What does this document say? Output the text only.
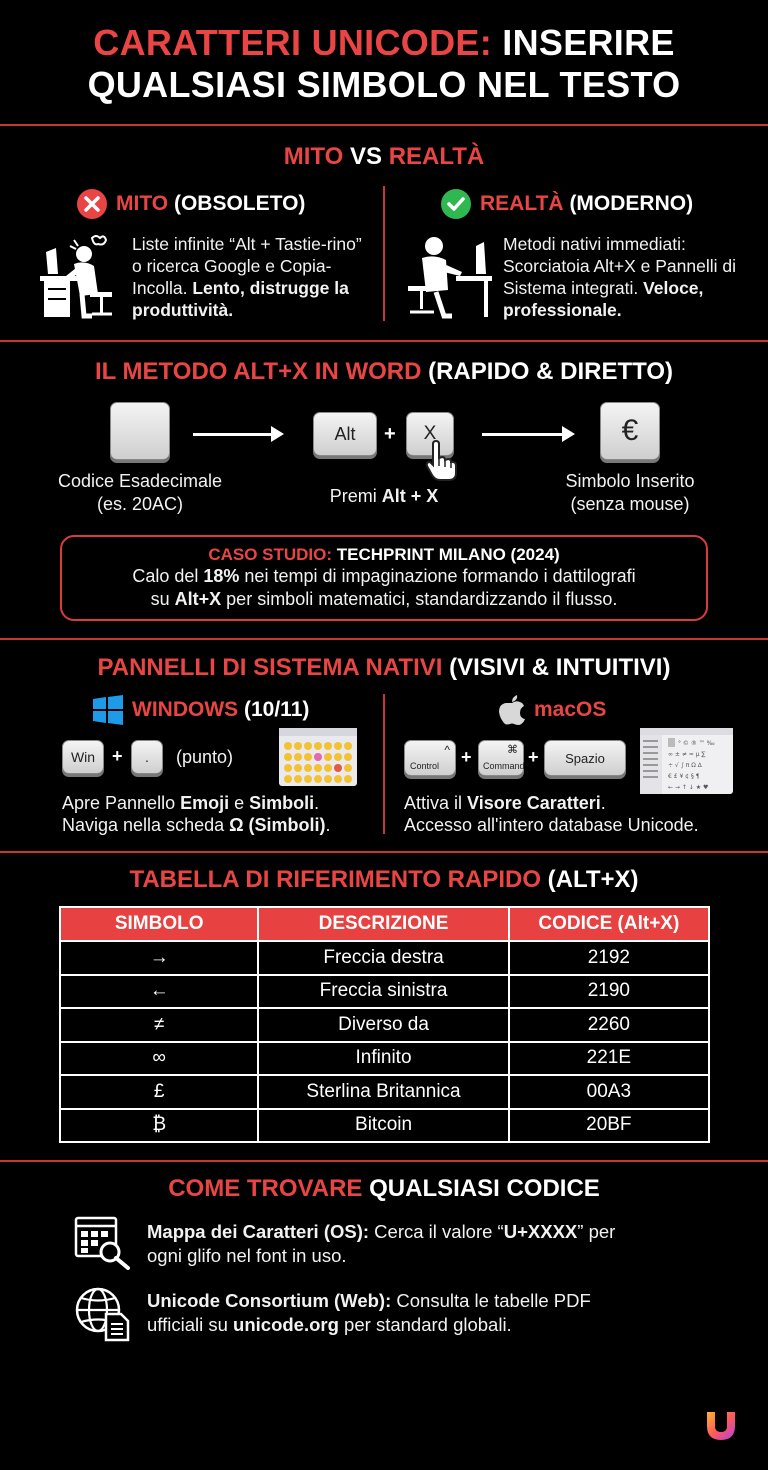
CARATTERI UNICODE: INSERIRE
QUALSIASI SIMBOLO NEL TESTO
MITO VS REALTÀ
MITO (OBSOLETO)
Liste infinite “Alt + Tastie-rino” o ricerca Google e Copia-Incolla. Lento, distrugge la produttività.
REALTÀ (MODERNO)
Metodi nativi immediati: Scorciatoia Alt+X e Pannelli di Sistema integrati. Veloce, professionale.
IL METODO ALT+X IN WORD (RAPIDO & DIRETTO)
Alt	+	X	€
Codice Esadecimale
(es. 20AC)	Premi Alt + X
Simbolo Inserito
(senza mouse)
CASO STUDIO: TECHPRINT MILANO (2024)
Calo del 18% nei tempi di impaginazione formando i dattilografi
su Alt+X per simboli matematici, standardizzando il flusso.
PANNELLI DI SISTEMA NATIVI (VISIVI & INTUITIVI)
WINDOWS (10/11)
Win +	.	(punto)
Apre Pannello Emoji e Simboli.
Naviga nella scheda Ω (Simboli).
macOS
Control
^ + Command
⌘ +	Spazio
° © ® ™ ‰
∞ ± ≠ ≈ µ ∑
÷ √ ∫ π Ω ∆
€ £ ¥ ¢ § ¶
← → ↑ ↓ ★ ♥
Attiva il Visore Caratteri.
Accesso all'intero database Unicode.
TABELLA DI RIFERIMENTO RAPIDO (ALT+X)
SIMBOLO	DESCRIZIONE	CODICE (Alt+X)
→	Freccia destra	2192
←	Freccia sinistra	2190
≠	Diverso da	2260
∞	Infinito	221E
£	Sterlina Britannica	00A3
₿	Bitcoin	20BF
COME TROVARE QUALSIASI CODICE
Mappa dei Caratteri (OS): Cerca il valore “U+XXXX” per
ogni glifo nel font in uso.
Unicode Consortium (Web): Consulta le tabelle PDF
ufficiali su unicode.org per standard globali.
